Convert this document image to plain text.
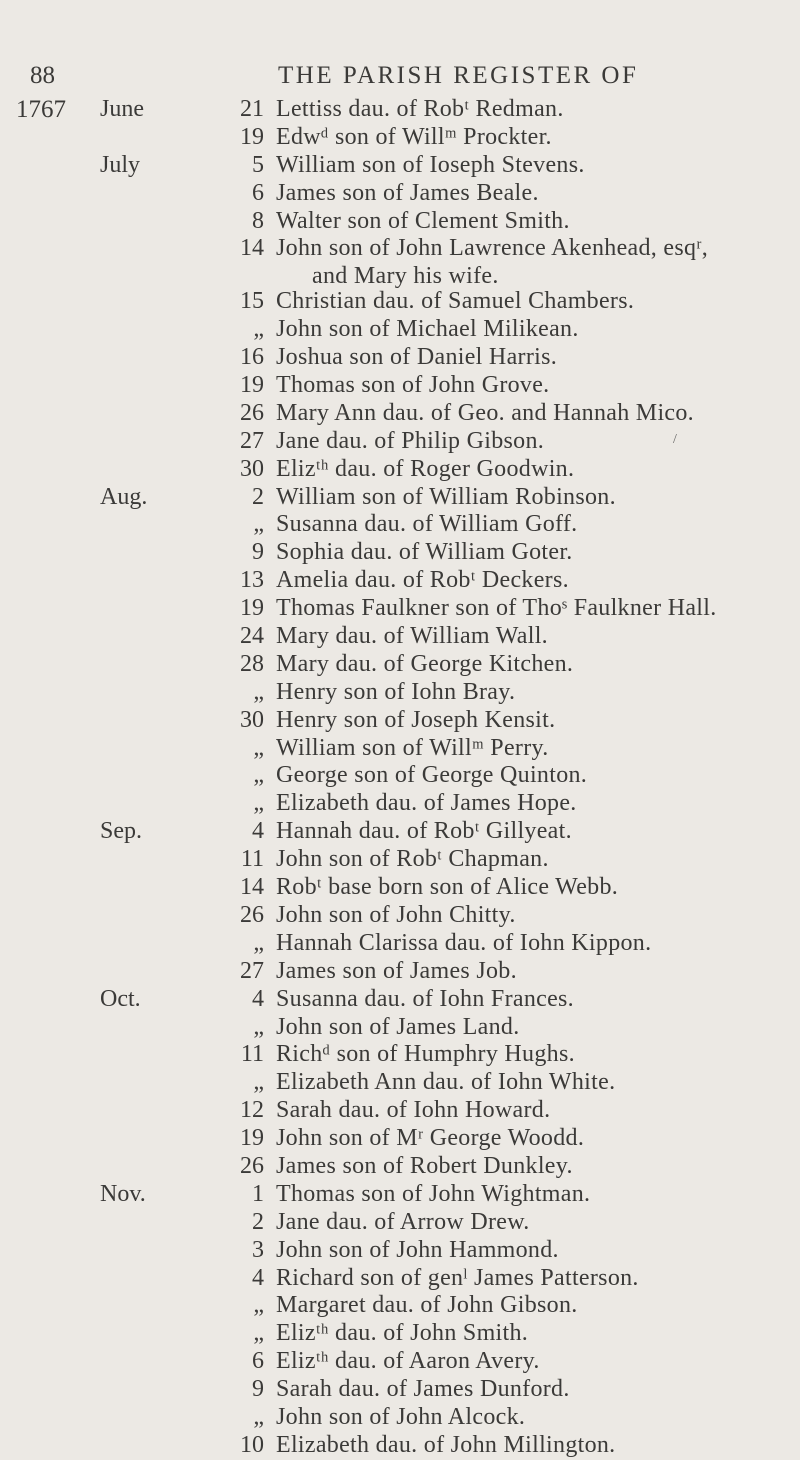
88	THE PARISH REGISTER OF
1767
/
June	21 Lettiss dau. of Robᵗ Redman.
19 Edwᵈ son of Willᵐ Prockter.
July	5 William son of Ioseph Stevens.
6 James son of James Beale.
8 Walter son of Clement Smith.
14 John son of John Lawrence Akenhead, esqʳ,
and Mary his wife.
15 Christian dau. of Samuel Chambers.
„ John son of Michael Milikean.
16 Joshua son of Daniel Harris.
19 Thomas son of John Grove.
26 Mary Ann dau. of Geo. and Hannah Mico.
27 Jane dau. of Philip Gibson.
30 Elizᵗʰ dau. of Roger Goodwin.
Aug.	2 William son of William Robinson.
„ Susanna dau. of William Goff.
9 Sophia dau. of William Goter.
13 Amelia dau. of Robᵗ Deckers.
19 Thomas Faulkner son of Thoˢ Faulkner Hall.
24 Mary dau. of William Wall.
28 Mary dau. of George Kitchen.
„ Henry son of Iohn Bray.
30 Henry son of Joseph Kensit.
„ William son of Willᵐ Perry.
„ George son of George Quinton.
„ Elizabeth dau. of James Hope.
Sep.	4 Hannah dau. of Robᵗ Gillyeat.
11 John son of Robᵗ Chapman.
14 Robᵗ base born son of Alice Webb.
26 John son of John Chitty.
„ Hannah Clarissa dau. of Iohn Kippon.
27 James son of James Job.
Oct.	4 Susanna dau. of Iohn Frances.
„ John son of James Land.
11 Richᵈ son of Humphry Hughs.
„ Elizabeth Ann dau. of Iohn White.
12 Sarah dau. of Iohn Howard.
19 John son of Mʳ George Woodd.
26 James son of Robert Dunkley.
Nov.	1 Thomas son of John Wightman.
2 Jane dau. of Arrow Drew.
3 John son of John Hammond.
4 Richard son of genˡ James Patterson.
„ Margaret dau. of John Gibson.
„ Elizᵗʰ dau. of John Smith.
6 Elizᵗʰ dau. of Aaron Avery.
9 Sarah dau. of James Dunford.
„ John son of John Alcock.
10 Elizabeth dau. of John Millington.
